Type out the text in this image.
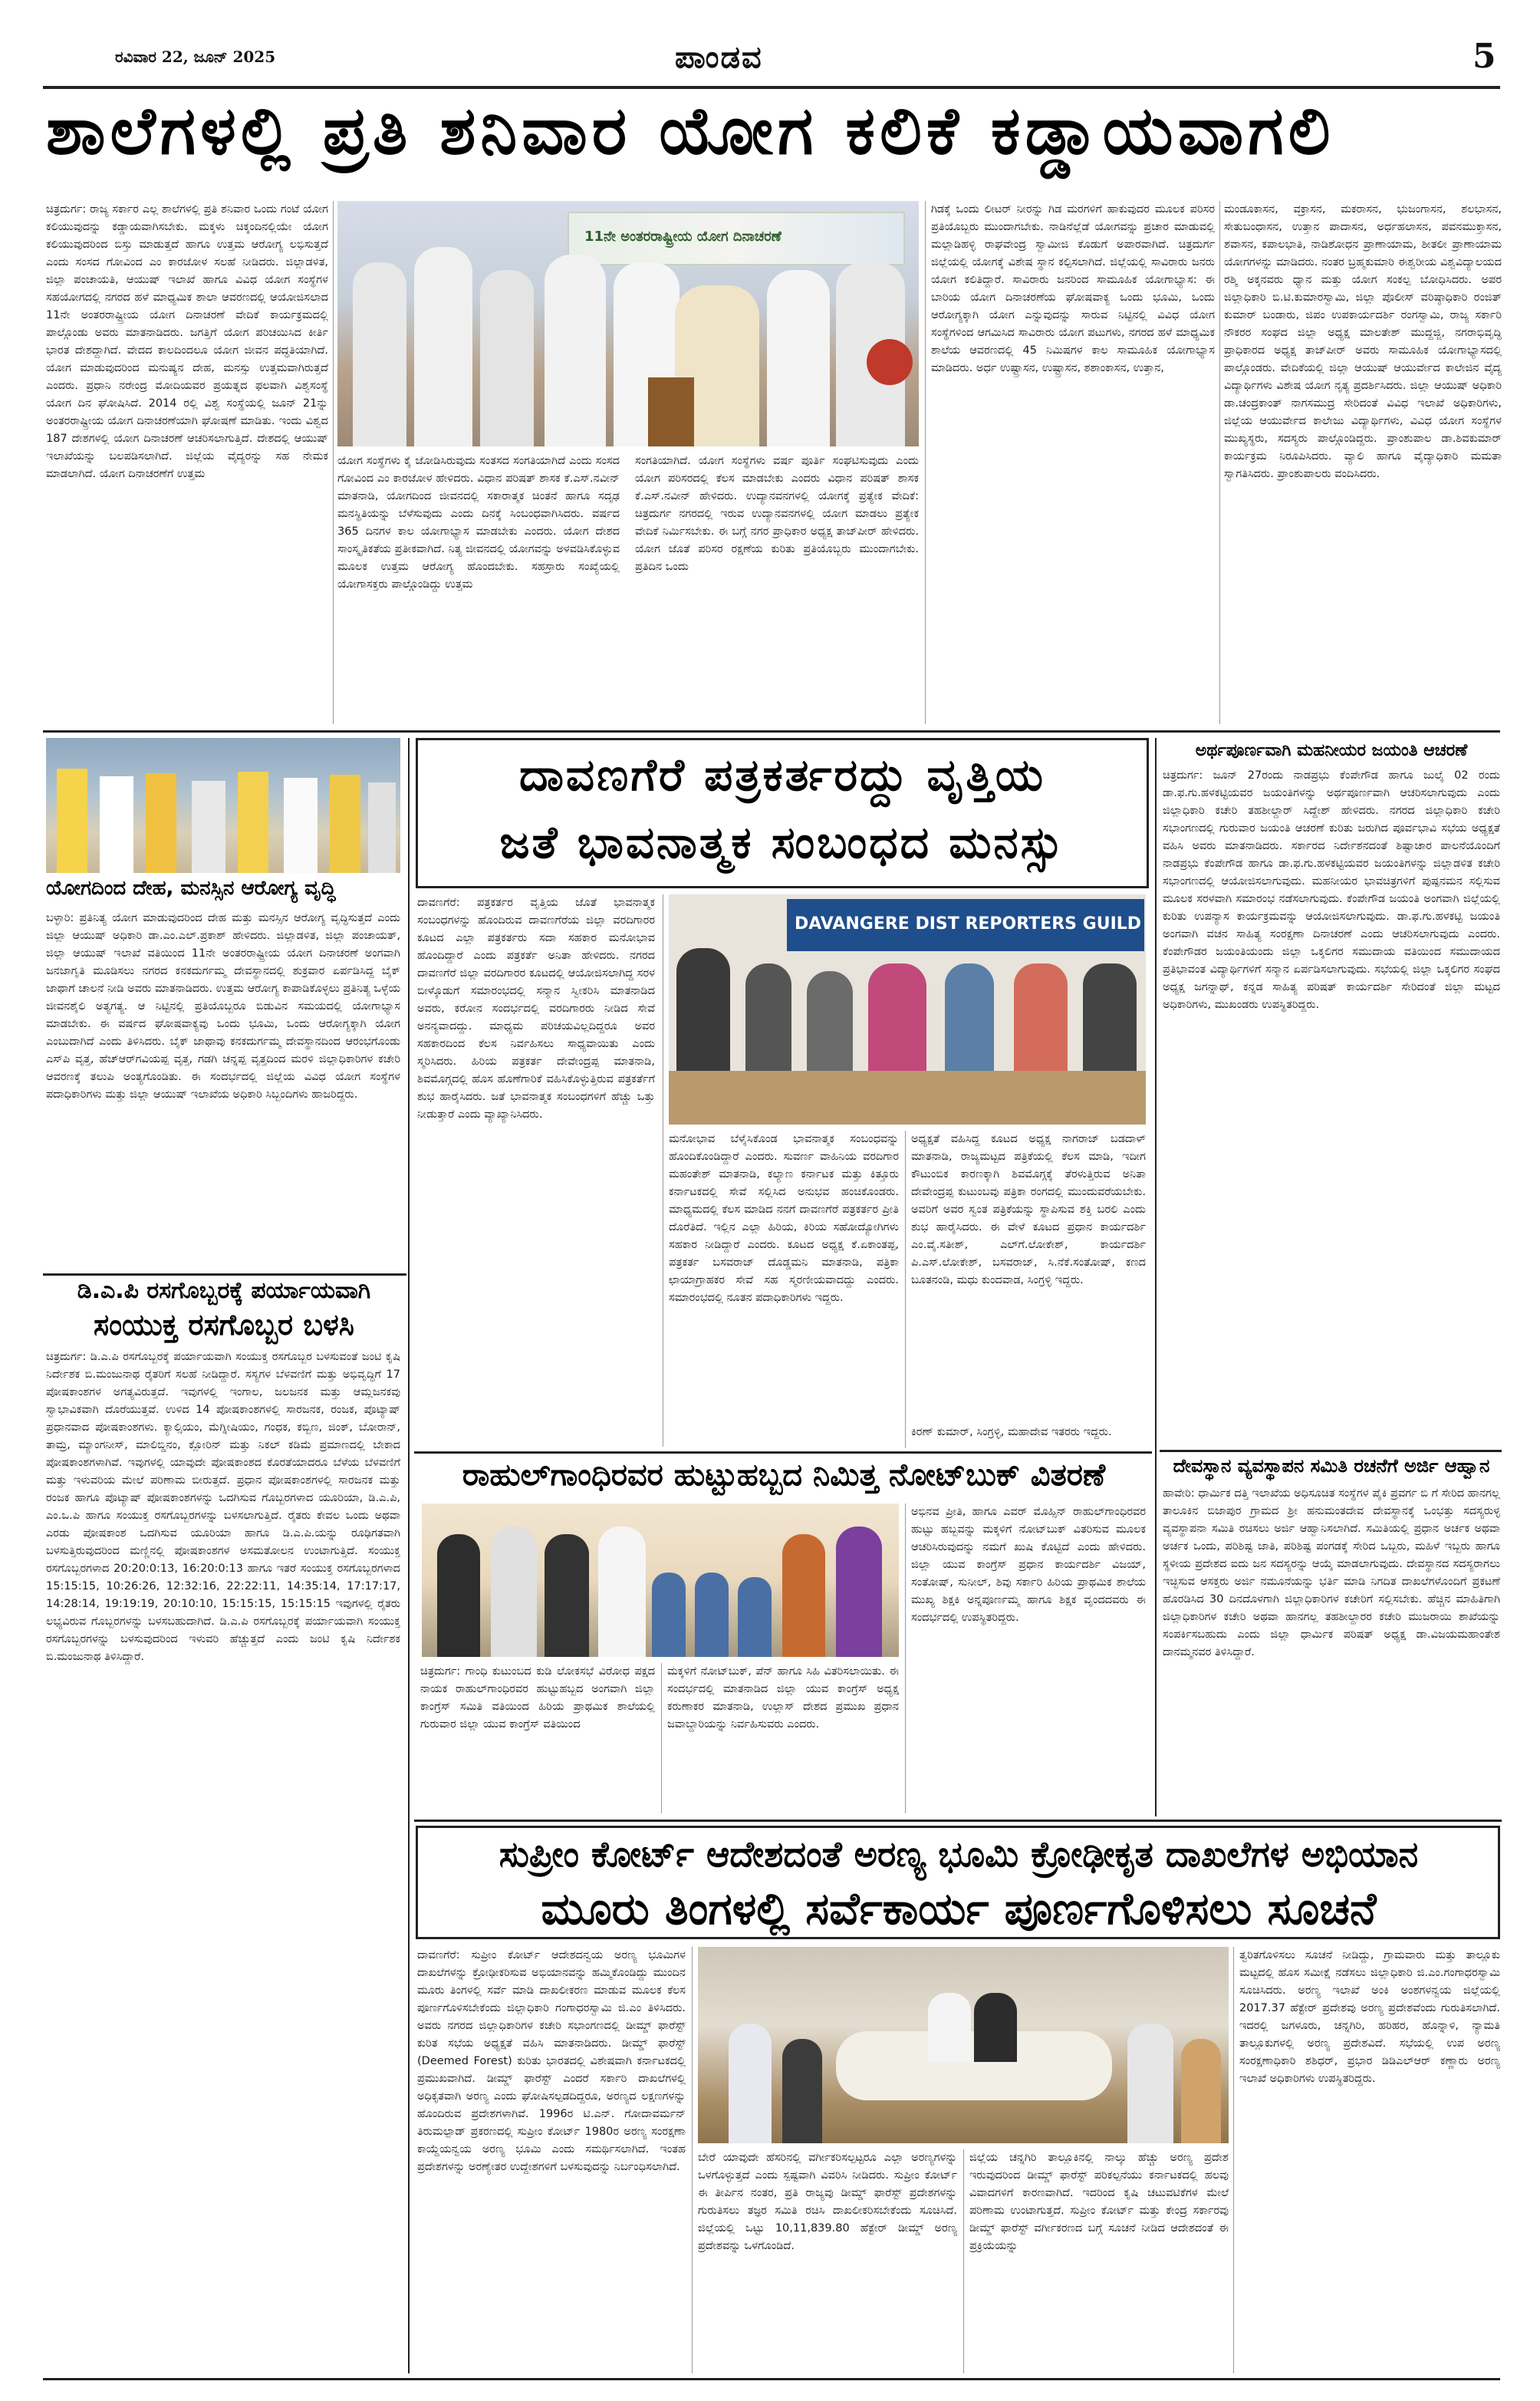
ರವಿವಾರ 22, ಜೂನ್ 2025	ಪಾಂಡವ	5
ಶಾಲೆಗಳಲ್ಲಿ ಪ್ರತಿ ಶನಿವಾರ ಯೋಗ ಕಲಿಕೆ ಕಡ್ಡಾಯವಾಗಲಿ
ಚಿತ್ರದುರ್ಗ: ರಾಜ್ಯ ಸರ್ಕಾರ ಎಲ್ಲ ಶಾಲೆಗಳಲ್ಲಿ ಪ್ರತಿ ಶನಿವಾರ ಒಂದು ಗಂಟೆ ಯೋಗ ಕಲಿಯುವುದನ್ನು ಕಡ್ಡಾಯವಾಗಿಸಬೇಕು. ಮಕ್ಕಳು ಚಿಕ್ಕಂದಿನಲ್ಲಿಯೇ ಯೋಗ ಕಲಿಯುವುದರಿಂದ ಬಿಸ್ತು ಮಾಡುತ್ತದೆ ಹಾಗೂ ಉತ್ತಮ ಆರೋಗ್ಯ ಲಭಿಸುತ್ತದೆ ಎಂದು ಸಂಸದ ಗೋವಿಂದ ಎಂ ಕಾರಜೋಳ ಸಲಹೆ ನೀಡಿದರು. ಜಿಲ್ಲಾಡಳಿತ, ಜಿಲ್ಲಾ ಪಂಚಾಯತಿ, ಆಯುಷ್ ಇಲಾಖೆ ಹಾಗೂ ವಿವಿಧ ಯೋಗ ಸಂಸ್ಥೆಗಳ ಸಹಯೋಗದಲ್ಲಿ ನಗರದ ಹಳೆ ಮಾಧ್ಯಮಿಕ ಶಾಲಾ ಆವರಣದಲ್ಲಿ ಆಯೋಜಿಸಲಾದ 11ನೇ ಅಂತರರಾಷ್ಟ್ರೀಯ ಯೋಗ ದಿನಾಚರಣೆ ವೇದಿಕೆ ಕಾರ್ಯಕ್ರಮದಲ್ಲಿ ಪಾಲ್ಗೊಂಡು ಅವರು ಮಾತನಾಡಿದರು. ಜಗತ್ತಿಗೆ ಯೋಗ ಪರಿಚಯಿಸಿದ ಕೀರ್ತಿ ಭಾರತ ದೇಶದ್ದಾಗಿದೆ. ವೇದದ ಕಾಲದಿಂದಲೂ ಯೋಗ ಜೀವನ ಪದ್ಧತಿಯಾಗಿದೆ. ಯೋಗ ಮಾಡುವುದರಿಂದ ಮನುಷ್ಯನ ದೇಹ, ಮನಸ್ಸು ಉತ್ತಮವಾಗಿರುತ್ತದೆ ಎಂದರು. ಪ್ರಧಾನಿ ನರೇಂದ್ರ ಮೋದಿಯವರ ಪ್ರಯತ್ನದ ಫಲವಾಗಿ ವಿಶ್ವಸಂಸ್ಥೆ ಯೋಗ ದಿನ ಘೋಷಿಸಿದೆ. 2014 ರಲ್ಲಿ ವಿಶ್ವ ಸಂಸ್ಥೆಯಲ್ಲಿ ಜೂನ್ 21ನ್ನು ಅಂತರರಾಷ್ಟ್ರೀಯ ಯೋಗ ದಿನಾಚರಣೆಯಾಗಿ ಘೋಷಣೆ ಮಾಡಿತು. ಇಂದು ವಿಶ್ವದ 187 ದೇಶಗಳಲ್ಲಿ ಯೋಗ ದಿನಾಚರಣೆ ಆಚರಿಸಲಾಗುತ್ತಿದೆ. ದೇಶದಲ್ಲಿ ಆಯುಷ್ ಇಲಾಖೆಯನ್ನು ಬಲಪಡಿಸಲಾಗಿದೆ. ಜಿಲ್ಲೆಯ ವೈದ್ಯರನ್ನು ಸಹ ನೇಮಕ ಮಾಡಲಾಗಿದೆ. ಯೋಗ ದಿನಾಚರಣೆಗೆ ಉತ್ತಮ
11ನೇ ಅಂತರರಾಷ್ಟ್ರೀಯ ಯೋಗ ದಿನಾಚರಣೆ
ಯೋಗ ಸಂಸ್ಥೆಗಳು ಕೈ ಜೋಡಿಸಿರುವುದು ಸಂತಸದ ಸಂಗತಿಯಾಗಿದೆ ಎಂದು ಸಂಸದ ಗೋವಿಂದ ಎಂ ಕಾರಜೋಳ ಹೇಳಿದರು. ವಿಧಾನ ಪರಿಷತ್ ಶಾಸಕ ಕೆ.ಎಸ್.ನವೀನ್ ಮಾತನಾಡಿ, ಯೋಗದಿಂದ ಜೀವನದಲ್ಲಿ ಸಕಾರಾತ್ಮಕ ಚಿಂತನೆ ಹಾಗೂ ಸದೃಢ ಮನಸ್ಥಿತಿಯನ್ನು ಬೆಳೆಸುವುದು ಎಂದು ದಿನಕ್ಕೆ ಸಿಂಬಂಧವಾಗಿಸಿದರು. ವರ್ಷದ 365 ದಿನಗಳ ಕಾಲ ಯೋಗಾಭ್ಯಾಸ ಮಾಡಬೇಕು ಎಂದರು. ಯೋಗ ದೇಶದ ಸಾಂಸ್ಕೃತಿಕತೆಯ ಪ್ರತೀಕವಾಗಿದೆ. ನಿತ್ಯ ಜೀವನದಲ್ಲಿ ಯೋಗವನ್ನು ಅಳವಡಿಸಿಕೊಳ್ಳುವ ಮೂಲಕ ಉತ್ತಮ ಆರೋಗ್ಯ ಹೊಂದಬೇಕು. ಸಹಸ್ರಾರು ಸಂಖ್ಯೆಯಲ್ಲಿ ಯೋಗಾಸಕ್ತರು ಪಾಲ್ಗೊಂಡಿದ್ದು ಉತ್ತಮ
ಸಂಗತಿಯಾಗಿದೆ. ಯೋಗ ಸಂಸ್ಥೆಗಳು ವರ್ಷ ಪೂರ್ತಿ ಸಂಘಟಿಸುವುದು ಎಂದು ಯೋಗ ಪರಿಸರದಲ್ಲಿ ಕೆಲಸ ಮಾಡಬೇಕು ಎಂದರು ವಿಧಾನ ಪರಿಷತ್ ಶಾಸಕ ಕೆ.ಎಸ್.ನವೀನ್ ಹೇಳಿದರು. ಉದ್ಯಾನವನಗಳಲ್ಲಿ ಯೋಗಕ್ಕೆ ಪ್ರತ್ಯೇಕ ವೇದಿಕೆ: ಚಿತ್ರದುರ್ಗ ನಗರದಲ್ಲಿ ಇರುವ ಉದ್ಯಾನವನಗಳಲ್ಲಿ ಯೋಗ ಮಾಡಲು ಪ್ರತ್ಯೇಕ ವೇದಿಕೆ ನಿರ್ಮಿಸಬೇಕು. ಈ ಬಗ್ಗೆ ನಗರ ಪ್ರಾಧಿಕಾರ ಅಧ್ಯಕ್ಷ ತಾಜ್‌ಪೀರ್ ಹೇಳಿದರು. ಯೋಗ ಜೊತೆ ಪರಿಸರ ರಕ್ಷಣೆಯ ಕುರಿತು ಪ್ರತಿಯೊಬ್ಬರು ಮುಂದಾಗಬೇಕು. ಪ್ರತಿದಿನ ಒಂದು
ಗಿಡಕ್ಕೆ ಒಂದು ಲೀಟರ್ ನೀರನ್ನು ಗಿಡ ಮರಗಳಿಗೆ ಹಾಕುವುದರ ಮೂಲಕ ಪರಿಸರ ಪ್ರತಿಯೊಬ್ಬರು ಮುಂದಾಗಬೇಕು. ನಾಡಿನೆಲ್ಲೆಡೆ ಯೋಗವನ್ನು ಪ್ರಚಾರ ಮಾಡುವಲ್ಲಿ ಮಲ್ಲಾಡಿಹಳ್ಳಿ ರಾಘವೇಂದ್ರ ಸ್ವಾಮೀಜಿ ಕೊಡುಗೆ ಅಪಾರವಾಗಿದೆ. ಚಿತ್ರದುರ್ಗ ಜಿಲ್ಲೆಯಲ್ಲಿ ಯೋಗಕ್ಕೆ ವಿಶೇಷ ಸ್ಥಾನ ಕಲ್ಪಿಸಲಾಗಿದೆ. ಜಿಲ್ಲೆಯಲ್ಲಿ ಸಾವಿರಾರು ಜನರು ಯೋಗ ಕಲಿತಿದ್ದಾರೆ. ಸಾವಿರಾರು ಜನರಿಂದ ಸಾಮೂಹಿಕ ಯೋಗಾಭ್ಯಾಸ: ಈ ಬಾರಿಯ ಯೋಗ ದಿನಾಚರಣೆಯ ಘೋಷವಾಕ್ಯ ಒಂದು ಭೂಮಿ, ಒಂದು ಆರೋಗ್ಯಕ್ಕಾಗಿ ಯೋಗ ಎನ್ನುವುದನ್ನು ಸಾರುವ ನಿಟ್ಟಿನಲ್ಲಿ ವಿವಿಧ ಯೋಗ ಸಂಸ್ಥೆಗಳಿಂದ ಆಗಮಿಸಿದ ಸಾವಿರಾರು ಯೋಗ ಪಟುಗಳು, ನಗರದ ಹಳೆ ಮಾಧ್ಯಮಿಕ ಶಾಲೆಯ ಆವರಣದಲ್ಲಿ 45 ನಿಮಿಷಗಳ ಕಾಲ ಸಾಮೂಹಿಕ ಯೋಗಾಭ್ಯಾಸ ಮಾಡಿದರು. ಅರ್ಧ ಉಷ್ಟ್ರಾಸನ, ಉಷ್ಟ್ರಾಸನ, ಶಶಾಂಕಾಸನ, ಉತ್ತಾನ,
ಮಂಡೂಕಾಸನ, ವಕ್ರಾಸನ, ಮಕರಾಸನ, ಭುಜಂಗಾಸನ, ಶಲಭಾಸನ, ಸೇತುಬಂಧಾಸನ, ಉತ್ತಾನ ಪಾದಾಸನ, ಅರ್ಧಹಲಾಸನ, ಪವನಮುಕ್ತಾಸನ, ಶವಾಸನ, ಕಪಾಲಭಾತಿ, ನಾಡಿಶೋಧನ ಪ್ರಾಣಾಯಾಮ, ಶೀತಲೀ ಪ್ರಾಣಾಯಾಮ ಯೋಗಗಳನ್ನು ಮಾಡಿದರು. ನಂತರ ಬ್ರಹ್ಮಕುಮಾರಿ ಈಶ್ವರೀಯ ವಿಶ್ವವಿದ್ಯಾಲಯದ ರಶ್ಮಿ ಅಕ್ಕನವರು ಧ್ಯಾನ ಮತ್ತು ಯೋಗ ಸಂಕಲ್ಪ ಬೋಧಿಸಿದರು. ಅಪರ ಜಿಲ್ಲಾಧಿಕಾರಿ ಬಿ.ಟಿ.ಕುಮಾರಸ್ವಾಮಿ, ಜಿಲ್ಲಾ ಪೊಲೀಸ್ ವರಿಷ್ಠಾಧಿಕಾರಿ ರಂಜಿತ್ ಕುಮಾರ್ ಬಂಡಾರು, ಜಿಪಂ ಉಪಕಾರ್ಯದರ್ಶಿ ರಂಗಸ್ವಾಮಿ, ರಾಜ್ಯ ಸರ್ಕಾರಿ ನೌಕರರ ಸಂಘದ ಜಿಲ್ಲಾ ಅಧ್ಯಕ್ಷ ಮಾಲತೇಶ್ ಮುದ್ದಜ್ಜಿ, ನಗರಾಭಿವೃದ್ಧಿ ಪ್ರಾಧಿಕಾರದ ಅಧ್ಯಕ್ಷ ತಾಜ್‌ಪೀರ್ ಅವರು ಸಾಮೂಹಿಕ ಯೋಗಾಭ್ಯಾಸದಲ್ಲಿ ಪಾಲ್ಗೊಂಡರು. ವೇದಿಕೆಯಲ್ಲಿ ಜಿಲ್ಲಾ ಆಯುಷ್ ಆಯುರ್ವೇದ ಕಾಲೇಜಿನ ವೈದ್ಯ ವಿದ್ಯಾರ್ಥಿಗಳು ವಿಶೇಷ ಯೋಗ ನೃತ್ಯ ಪ್ರದರ್ಶಿಸಿದರು. ಜಿಲ್ಲಾ ಆಯುಷ್ ಅಧಿಕಾರಿ ಡಾ.ಚಂದ್ರಕಾಂತ್ ನಾಗಸಮುದ್ರ ಸೇರಿದಂತೆ ವಿವಿಧ ಇಲಾಖೆ ಅಧಿಕಾರಿಗಳು, ಜಿಲ್ಲೆಯ ಆಯುರ್ವೇದ ಕಾಲೇಜು ವಿದ್ಯಾರ್ಥಿಗಳು, ವಿವಿಧ ಯೋಗ ಸಂಸ್ಥೆಗಳ ಮುಖ್ಯಸ್ಥರು, ಸದಸ್ಯರು ಪಾಲ್ಗೊಂಡಿದ್ದರು. ಪ್ರಾಂಶುಪಾಲ ಡಾ.ಶಿವಕುಮಾರ್ ಕಾರ್ಯಕ್ರಮ ನಿರೂಪಿಸಿದರು. ವ್ಯಾಲಿ ಹಾಗೂ ವೈದ್ಯಾಧಿಕಾರಿ ಮಮತಾ ಸ್ವಾಗತಿಸಿದರು. ಪ್ರಾಂಶುಪಾಲರು ವಂದಿಸಿದರು.
ಯೋಗದಿಂದ ದೇಹ, ಮನಸ್ಸಿನ ಆರೋಗ್ಯ ವೃದ್ಧಿ
ಬಳ್ಳಾರಿ: ಪ್ರತಿನಿತ್ಯ ಯೋಗ ಮಾಡುವುದರಿಂದ ದೇಹ ಮತ್ತು ಮನಸ್ಸಿನ ಆರೋಗ್ಯ ವೃದ್ಧಿಸುತ್ತದೆ ಎಂದು ಜಿಲ್ಲಾ ಆಯುಷ್ ಅಧಿಕಾರಿ ಡಾ.ಎಂ.ಎಲ್.ಪ್ರಕಾಶ್ ಹೇಳಿದರು. ಜಿಲ್ಲಾಡಳಿತ, ಜಿಲ್ಲಾ ಪಂಚಾಯತ್, ಜಿಲ್ಲಾ ಆಯುಷ್ ಇಲಾಖೆ ವತಿಯಿಂದ 11ನೇ ಅಂತರರಾಷ್ಟ್ರೀಯ ಯೋಗ ದಿನಾಚರಣೆ ಅಂಗವಾಗಿ ಜನಜಾಗೃತಿ ಮೂಡಿಸಲು ನಗರದ ಕನಕದುರ್ಗಮ್ಮ ದೇವಸ್ಥಾನದಲ್ಲಿ ಶುಕ್ರವಾರ ಏರ್ಪಡಿಸಿದ್ದ ಬೈಕ್ ಜಾಥಾಗೆ ಚಾಲನೆ ನೀಡಿ ಅವರು ಮಾತನಾಡಿದರು. ಉತ್ತಮ ಆರೋಗ್ಯ ಕಾಪಾಡಿಕೊಳ್ಳಲು ಪ್ರತಿನಿತ್ಯ ಒಳ್ಳೆಯ ಜೀವನಶೈಲಿ ಅತ್ಯಗತ್ಯ. ಆ ನಿಟ್ಟಿನಲ್ಲಿ ಪ್ರತಿಯೊಬ್ಬರೂ ಬಿಡುವಿನ ಸಮಯದಲ್ಲಿ ಯೋಗಾಭ್ಯಾಸ ಮಾಡಬೇಕು. ಈ ವರ್ಷದ ಘೋಷವಾಕ್ಯವು ಒಂದು ಭೂಮಿ, ಒಂದು ಆರೋಗ್ಯಕ್ಕಾಗಿ ಯೋಗ ಎಂಬುದಾಗಿದೆ ಎಂದು ತಿಳಿಸಿದರು. ಬೈಕ್ ಜಾಥಾವು ಕನಕದುರ್ಗಮ್ಮ ದೇವಸ್ಥಾನದಿಂದ ಆರಂಭಗೊಂಡು ಎಸ್‌ಪಿ ವೃತ್ತ, ಹೆಚ್‌ಆರ್‌ಗವಿಯಪ್ಪ ವೃತ್ತ, ಗಡಗಿ ಚನ್ನಪ್ಪ ವೃತ್ತದಿಂದ ಮರಳಿ ಜಿಲ್ಲಾಧಿಕಾರಿಗಳ ಕಚೇರಿ ಆವರಣಕ್ಕೆ ತಲುಪಿ ಅಂತ್ಯಗೊಂಡಿತು. ಈ ಸಂದರ್ಭದಲ್ಲಿ ಜಿಲ್ಲೆಯ ವಿವಿಧ ಯೋಗ ಸಂಸ್ಥೆಗಳ ಪದಾಧಿಕಾರಿಗಳು ಮತ್ತು ಜಿಲ್ಲಾ ಆಯುಷ್ ಇಲಾಖೆಯ ಅಧಿಕಾರಿ ಸಿಬ್ಬಂದಿಗಳು ಹಾಜರಿದ್ದರು.
ಡಿ.ಎ.ಪಿ ರಸಗೊಬ್ಬರಕ್ಕೆ ಪರ್ಯಾಯವಾಗಿ
ಸಂಯುಕ್ತ ರಸಗೊಬ್ಬರ ಬಳಸಿ
ಚಿತ್ರದುರ್ಗ: ಡಿ.ಎ.ಪಿ ರಸಗೊಬ್ಬರಕ್ಕೆ ಪರ್ಯಾಯವಾಗಿ ಸಂಯುಕ್ತ ರಸಗೊಬ್ಬರ ಬಳಸುವಂತೆ ಜಂಟಿ ಕೃಷಿ ನಿರ್ದೇಶಕ ಬಿ.ಮಂಜುನಾಥ ರೈತರಿಗೆ ಸಲಹೆ ನೀಡಿದ್ದಾರೆ. ಸಸ್ಯಗಳ ಬೆಳವಣಿಗೆ ಮತ್ತು ಅಭಿವೃದ್ಧಿಗೆ 17 ಪೋಷಕಾಂಶಗಳ ಅಗತ್ಯವಿರುತ್ತದೆ. ಇವುಗಳಲ್ಲಿ ಇಂಗಾಲ, ಜಲಜನಕ ಮತ್ತು ಆಮ್ಲಜನಕವು ಸ್ವಾಭಾವಿಕವಾಗಿ ದೊರೆಯುತ್ತವೆ. ಉಳಿದ 14 ಪೋಷಕಾಂಶಗಳಲ್ಲಿ ಸಾರಜನಕ, ರಂಜಕ, ಪೊಟ್ಯಾಷ್ ಪ್ರಧಾನವಾದ ಪೋಷಕಾಂಶಗಳು. ಕ್ಯಾಲ್ಸಿಯಂ, ಮೆಗ್ನೀಷಿಯಂ, ಗಂಧಕ, ಕಬ್ಬಿಣ, ಜಿಂಕ್, ಬೋರಾನ್, ತಾಮ್ರ, ಮ್ಯಾಂಗನೀಸ್, ಮಾಲಿಬ್ಡಿನಂ, ಕ್ಲೋರಿನ್ ಮತ್ತು ನಿಕಲ್ ಕಡಿಮೆ ಪ್ರಮಾಣದಲ್ಲಿ ಬೇಕಾದ ಪೋಷಕಾಂಶಗಳಾಗಿವೆ. ಇವುಗಳಲ್ಲಿ ಯಾವುದೇ ಪೋಷಕಾಂಶದ ಕೊರತೆಯಾದರೂ ಬೆಳೆಯ ಬೆಳವಣಿಗೆ ಮತ್ತು ಇಳುವರಿಯ ಮೇಲೆ ಪರಿಣಾಮ ಬೀರುತ್ತದೆ. ಪ್ರಧಾನ ಪೋಷಕಾಂಶಗಳಲ್ಲಿ ಸಾರಜನಕ ಮತ್ತು ರಂಜಕ ಹಾಗೂ ಪೊಟ್ಯಾಷ್ ಪೋಷಕಾಂಶಗಳನ್ನು ಒದಗಿಸುವ ಗೊಬ್ಬರಗಳಾದ ಯೂರಿಯಾ, ಡಿ.ಎ.ಪಿ, ಎಂ.ಒ.ಪಿ ಹಾಗೂ ಸಂಯುಕ್ತ ರಸಗೊಬ್ಬರಗಳನ್ನು ಬಳಸಲಾಗುತ್ತಿದೆ. ರೈತರು ಕೇವಲ ಒಂದು ಅಥವಾ ಎರಡು ಪೋಷಕಾಂಶ ಒದಗಿಸುವ ಯೂರಿಯಾ ಹಾಗೂ ಡಿ.ಎ.ಪಿ.ಯನ್ನು ರೂಢಿಗತವಾಗಿ ಬಳಸುತ್ತಿರುವುದರಿಂದ ಮಣ್ಣಿನಲ್ಲಿ ಪೋಷಕಾಂಶಗಳ ಅಸಮತೋಲನ ಉಂಟಾಗುತ್ತಿದೆ. ಸಂಯುಕ್ತ ರಸಗೊಬ್ಬರಗಳಾದ 20:20:0:13, 16:20:0:13 ಹಾಗೂ ಇತರೆ ಸಂಯುಕ್ತ ರಸಗೊಬ್ಬರಗಳಾದ 15:15:15, 10:26:26, 12:32:16, 22:22:11, 14:35:14, 17:17:17, 14:28:14, 19:19:19, 20:10:10, 15:15:15, 15:15:15 ಇವುಗಳಲ್ಲಿ ರೈತರು ಲಭ್ಯವಿರುವ ಗೊಬ್ಬರಗಳನ್ನು ಬಳಸಬಹುದಾಗಿದೆ. ಡಿ.ಎ.ಪಿ ರಸಗೊಬ್ಬರಕ್ಕೆ ಪರ್ಯಾಯವಾಗಿ ಸಂಯುಕ್ತ ರಸಗೊಬ್ಬರಗಳನ್ನು ಬಳಸುವುದರಿಂದ ಇಳುವರಿ ಹೆಚ್ಚುತ್ತದೆ ಎಂದು ಜಂಟಿ ಕೃಷಿ ನಿರ್ದೇಶಕ ಬಿ.ಮಂಜುನಾಥ ತಿಳಿಸಿದ್ದಾರೆ.
ದಾವಣಗೆರೆ ಪತ್ರಕರ್ತರದ್ದು ವೃತ್ತಿಯ
ಜತೆ ಭಾವನಾತ್ಮಕ ಸಂಬಂಧದ ಮನಸ್ಸು
ದಾವಣಗೆರೆ: ಪತ್ರಕರ್ತರ ವೃತ್ತಿಯ ಜೊತೆ ಭಾವನಾತ್ಮಕ ಸಂಬಂಧಗಳನ್ನು ಹೊಂದಿರುವ ದಾವಣಗೆರೆಯ ಜಿಲ್ಲಾ ವರದಿಗಾರರ ಕೂಟದ ಎಲ್ಲಾ ಪತ್ರಕರ್ತರು ಸದಾ ಸಹಕಾರ ಮನೋಭಾವ ಹೊಂದಿದ್ದಾರೆ ಎಂದು ಪತ್ರಕರ್ತೆ ಅನಿತಾ ಹೇಳಿದರು. ನಗರದ ದಾವಣಗೆರೆ ಜಿಲ್ಲಾ ವರದಿಗಾರರ ಕೂಟದಲ್ಲಿ ಆಯೋಜಿಸಲಾಗಿದ್ದ ಸರಳ ಬೀಳ್ಕೊಡುಗೆ ಸಮಾರಂಭದಲ್ಲಿ ಸನ್ಮಾನ ಸ್ವೀಕರಿಸಿ ಮಾತನಾಡಿದ ಅವರು, ಕರೋನ ಸಂದರ್ಭದಲ್ಲಿ ವರದಿಗಾರರು ನೀಡಿದ ಸೇವೆ ಅನನ್ಯವಾದದ್ದು. ಮಾಧ್ಯಮ ಪರಿಚಯವಿಲ್ಲದಿದ್ದರೂ ಅವರ ಸಹಕಾರದಿಂದ ಕೆಲಸ ನಿರ್ವಹಿಸಲು ಸಾಧ್ಯವಾಯಿತು ಎಂದು ಸ್ಮರಿಸಿದರು. ಹಿರಿಯ ಪತ್ರಕರ್ತ ದೇವೇಂದ್ರಪ್ಪ ಮಾತನಾಡಿ, ಶಿವಮೊಗ್ಗದಲ್ಲಿ ಹೊಸ ಹೊಣೆಗಾರಿಕೆ ವಹಿಸಿಕೊಳ್ಳುತ್ತಿರುವ ಪತ್ರಕರ್ತೆಗೆ ಶುಭ ಹಾರೈಸಿದರು. ಜತೆ ಭಾವನಾತ್ಮಕ ಸಂಬಂಧಗಳಿಗೆ ಹೆಚ್ಚು ಒತ್ತು ನೀಡುತ್ತಾರೆ ಎಂದು ವ್ಯಾಖ್ಯಾನಿಸಿದರು.
DAVANGERE DIST REPORTERS GUILD
ಮನೋಭಾವ ಬೆಳೈಸಿಕೊಂಡ ಭಾವನಾತ್ಮಕ ಸಂಬಂಧವನ್ನು ಹೊಂದಿಕೊಂಡಿದ್ದಾರೆ ಎಂದರು. ಸುವರ್ಣ ವಾಹಿನಿಯ ವರದಿಗಾರ ಮಹಂತೇಶ್ ಮಾತನಾಡಿ, ಕಲ್ಯಾಣ ಕರ್ನಾಟಕ ಮತ್ತು ಕಿತ್ತೂರು ಕರ್ನಾಟಕದಲ್ಲಿ ಸೇವೆ ಸಲ್ಲಿಸಿದ ಅನುಭವ ಹಂಚಿಕೊಂಡರು. ಮಾಧ್ಯಮದಲ್ಲಿ ಕೆಲಸ ಮಾಡಿದ ನನಗೆ ದಾವಣಗೆರೆ ಪತ್ರಕರ್ತರ ಪ್ರೀತಿ ದೊರೆತಿದೆ. ಇಲ್ಲಿನ ಎಲ್ಲಾ ಹಿರಿಯ, ಕಿರಿಯ ಸಹೋದ್ಯೋಗಿಗಳು ಸಹಕಾರ ನೀಡಿದ್ದಾರೆ ಎಂದರು. ಕೂಟದ ಅಧ್ಯಕ್ಷ ಕೆ.ಏಕಾಂತಪ್ಪ, ಪತ್ರಕರ್ತ ಬಸವರಾಜ್ ದೊಡ್ಡಮನಿ ಮಾತನಾಡಿ, ಪತ್ರಿಕಾ ಛಾಯಾಗ್ರಾಹಕರ ಸೇವೆ ಸಹ ಸ್ಮರಣೀಯವಾದದ್ದು ಎಂದರು. ಸಮಾರಂಭದಲ್ಲಿ ನೂತನ ಪದಾಧಿಕಾರಿಗಳು ಇದ್ದರು.
ಅಧ್ಯಕ್ಷತೆ ವಹಿಸಿದ್ದ ಕೂಟದ ಅಧ್ಯಕ್ಷ ನಾಗರಾಜ್ ಬಡದಾಳ್ ಮಾತನಾಡಿ, ರಾಜ್ಯಮಟ್ಟದ ಪತ್ರಿಕೆಯಲ್ಲಿ ಕೆಲಸ ಮಾಡಿ, ಇದೀಗ ಕೌಟುಂಬಿಕ ಕಾರಣಕ್ಕಾಗಿ ಶಿವಮೊಗ್ಗಕ್ಕೆ ತೆರಳುತ್ತಿರುವ ಅನಿತಾ ದೇವೇಂದ್ರಪ್ಪ ಕುಟುಂಬವು ಪತ್ರಿಕಾ ರಂಗದಲ್ಲಿ ಮುಂದುವರೆಯಬೇಕು. ಅವರಿಗೆ ಅವರ ಸ್ವಂತ ಪತ್ರಿಕೆಯನ್ನು ಸ್ಥಾಪಿಸುವ ಶಕ್ತಿ ಬರಲಿ ಎಂದು ಶುಭ ಹಾರೈಸಿದರು. ಈ ವೇಳೆ ಕೂಟದ ಪ್ರಧಾನ ಕಾರ್ಯದರ್ಶಿ ಎಂ.ವೈ.ಸತೀಶ್, ಎಲ್‌ಗೆ.ಲೋಕೇಶ್, ಕಾರ್ಯದರ್ಶಿ ಪಿ.ಎಸ್.ಲೋಕೇಶ್, ಬಸವರಾಜ್, ಸಿ.ನೆಕೆ.ಸಂತೋಷ್, ಕಣದ ಬೂತನಂಡಿ, ಮಧು ಕುಂದವಾಡ, ಸಿಂಗ್ರಳ್ಳಿ ಇದ್ದರು.
ಕಿರಣ್ ಕುಮಾರ್, ಸಿಂಗ್ರಳ್ಳಿ, ಮಹಾದೇವ ಇತರರು ಇದ್ದರು.
ರಾಹುಲ್‌ಗಾಂಧಿರವರ ಹುಟ್ಟುಹಬ್ಬದ ನಿಮಿತ್ತ ನೋಟ್‌ಬುಕ್ ವಿತರಣೆ
ಚಿತ್ರದುರ್ಗ: ಗಾಂಧಿ ಕುಟುಂಬದ ಕುಡಿ ಲೋಕಸಭೆ ವಿರೋಧ ಪಕ್ಷದ ನಾಯಕ ರಾಹುಲ್‌ಗಾಂಧಿರವರ ಹುಟ್ಟುಹಬ್ಬದ ಅಂಗವಾಗಿ ಜಿಲ್ಲಾ ಕಾಂಗ್ರೆಸ್ ಸಮಿತಿ ವತಿಯಿಂದ ಹಿರಿಯ ಪ್ರಾಥಮಿಕ ಶಾಲೆಯಲ್ಲಿ ಗುರುವಾರ ಜಿಲ್ಲಾ ಯುವ ಕಾಂಗ್ರೆಸ್ ವತಿಯಿಂದ
ಮಕ್ಕಳಿಗೆ ನೋಟ್‌ಬುಕ್, ಪೆನ್ ಹಾಗೂ ಸಿಹಿ ವಿತರಿಸಲಾಯಿತು. ಈ ಸಂದರ್ಭದಲ್ಲಿ ಮಾತನಾಡಿದ ಜಿಲ್ಲಾ ಯುವ ಕಾಂಗ್ರೆಸ್ ಅಧ್ಯಕ್ಷ ಕರುಣಾಕರ ಮಾತನಾಡಿ, ಉಲ್ಲಾಸ್ ದೇಶದ ಪ್ರಮುಖ ಪ್ರಧಾನ ಜವಾಬ್ದಾರಿಯನ್ನು ನಿರ್ವಹಿಸುವರು ಎಂದರು.
ಅಭಿನವ ಪ್ರೀತಿ, ಹಾಗೂ ಎವರ್ ಮೊಹ್ಸಿನ್ ರಾಹುಲ್‌ಗಾಂಧಿರವರ ಹುಟ್ಟು ಹಬ್ಬವನ್ನು ಮಕ್ಕಳಿಗೆ ನೋಟ್‌ಬುಕ್ ವಿತರಿಸುವ ಮೂಲಕ ಆಚರಿಸಿರುವುದನ್ನು ನಮಗೆ ಖುಷಿ ಕೊಟ್ಟಿದೆ ಎಂದು ಹೇಳಿದರು. ಜಿಲ್ಲಾ ಯುವ ಕಾಂಗ್ರೆಸ್ ಪ್ರಧಾನ ಕಾರ್ಯದರ್ಶಿ ವಿಜಯ್, ಸಂತೋಷ್, ಸುನೀಲ್, ಶಿವು ಸರ್ಕಾರಿ ಹಿರಿಯ ಪ್ರಾಥಮಿಕ ಶಾಲೆಯ ಮುಖ್ಯ ಶಿಕ್ಷಕಿ ಅನ್ನಪೂರ್ಣಮ್ಮ ಹಾಗೂ ಶಿಕ್ಷಕ ವೃಂದದವರು ಈ ಸಂದರ್ಭದಲ್ಲಿ ಉಪಸ್ಥಿತರಿದ್ದರು.
ಅರ್ಥಪೂರ್ಣವಾಗಿ ಮಹನೀಯರ ಜಯಂತಿ ಆಚರಣೆ
ಚಿತ್ರದುರ್ಗ: ಜೂನ್ 27ರಂದು ನಾಡಪ್ರಭು ಕೆಂಪೇಗೌಡ ಹಾಗೂ ಜುಲೈ 02 ರಂದು ಡಾ.ಫ.ಗು.ಹಳಕಟ್ಟಿಯವರ ಜಯಂತಿಗಳನ್ನು ಅರ್ಥಪೂರ್ಣವಾಗಿ ಆಚರಿಸಲಾಗುವುದು ಎಂದು ಜಿಲ್ಲಾಧಿಕಾರಿ ಕಚೇರಿ ತಹಶೀಲ್ದಾರ್ ಸಿದ್ದೇಶ್ ಹೇಳಿದರು. ನಗರದ ಜಿಲ್ಲಾಧಿಕಾರಿ ಕಚೇರಿ ಸಭಾಂಗಣದಲ್ಲಿ ಗುರುವಾರ ಜಯಂತಿ ಆಚರಣೆ ಕುರಿತು ಜರುಗಿದ ಪೂರ್ವಭಾವಿ ಸಭೆಯ ಅಧ್ಯಕ್ಷತೆ ವಹಿಸಿ ಅವರು ಮಾತನಾಡಿದರು. ಸರ್ಕಾರದ ನಿರ್ದೇಶನದಂತೆ ಶಿಷ್ಟಾಚಾರ ಪಾಲನೆಯೊಂದಿಗೆ ನಾಡಪ್ರಭು ಕೆಂಪೇಗೌಡ ಹಾಗೂ ಡಾ.ಫ.ಗು.ಹಳಕಟ್ಟಿಯವರ ಜಯಂತಿಗಳನ್ನು ಜಿಲ್ಲಾಡಳಿತ ಕಚೇರಿ ಸಭಾಂಗಣದಲ್ಲಿ ಆಯೋಜಿಸಲಾಗುವುದು. ಮಹನೀಯರ ಭಾವಚಿತ್ರಗಳಿಗೆ ಪುಷ್ಪನಮನ ಸಲ್ಲಿಸುವ ಮೂಲಕ ಸರಳವಾಗಿ ಸಮಾರಂಭ ನಡೆಸಲಾಗುವುದು. ಕೆಂಪೇಗೌಡ ಜಯಂತಿ ಅಂಗವಾಗಿ ಜಿಲ್ಲೆಯಲ್ಲಿ ಕುರಿತು ಉಪನ್ಯಾಸ ಕಾರ್ಯಕ್ರಮವನ್ನು ಆಯೋಜಿಸಲಾಗುವುದು. ಡಾ.ಫ.ಗು.ಹಳಕಟ್ಟಿ ಜಯಂತಿ ಅಂಗವಾಗಿ ವಚನ ಸಾಹಿತ್ಯ ಸಂರಕ್ಷಣಾ ದಿನಾಚರಣೆ ಎಂದು ಆಚರಿಸಲಾಗುವುದು ಎಂದರು. ಕೆಂಪೇಗೌಡರ ಜಯಂತಿಯಂದು ಜಿಲ್ಲಾ ಒಕ್ಕಲಿಗರ ಸಮುದಾಯ ವತಿಯಿಂದ ಸಮುದಾಯದ ಪ್ರತಿಭಾವಂತ ವಿದ್ಯಾರ್ಥಿಗಳಿಗೆ ಸನ್ಮಾನ ಏರ್ಪಡಿಸಲಾಗುವುದು. ಸಭೆಯಲ್ಲಿ ಜಿಲ್ಲಾ ಒಕ್ಕಲಿಗರ ಸಂಘದ ಅಧ್ಯಕ್ಷ ಜಗನ್ನಾಥ್, ಕನ್ನಡ ಸಾಹಿತ್ಯ ಪರಿಷತ್ ಕಾರ್ಯದರ್ಶಿ ಸೇರಿದಂತೆ ಜಿಲ್ಲಾ ಮಟ್ಟದ ಅಧಿಕಾರಿಗಳು, ಮುಖಂಡರು ಉಪಸ್ಥಿತರಿದ್ದರು.
ದೇವಸ್ಥಾನ ವ್ಯವಸ್ಥಾಪನ ಸಮಿತಿ ರಚನೆಗೆ ಅರ್ಜಿ ಆಹ್ವಾನ
ಹಾವೇರಿ: ಧಾರ್ಮಿಕ ದತ್ತಿ ಇಲಾಖೆಯ ಅಧಿಸೂಚಿತ ಸಂಸ್ಥೆಗಳ ಪೈಕಿ ಪ್ರವರ್ಗ ಬಿ ಗೆ ಸೇರಿದ ಹಾನಗಲ್ಲ ತಾಲೂಕಿನ ಬಿಜಾಪುರ ಗ್ರಾಮದ ಶ್ರೀ ಹನುಮಂತದೇವ ದೇವಸ್ಥಾನಕ್ಕೆ ಒಂಭತ್ತು ಸದಸ್ಯರುಳ್ಳ ವ್ಯವಸ್ಥಾಪನಾ ಸಮಿತಿ ರಚಿಸಲು ಅರ್ಜಿ ಆಹ್ವಾನಿಸಲಾಗಿದೆ. ಸಮಿತಿಯಲ್ಲಿ ಪ್ರಧಾನ ಅರ್ಚಕ ಅಥವಾ ಅರ್ಚಕ ಒಂದು, ಪರಿಶಿಷ್ಟ ಜಾತಿ, ಪರಿಶಿಷ್ಟ ಪಂಗಡಕ್ಕೆ ಸೇರಿದ ಒಬ್ಬರು, ಮಹಿಳೆ ಇಬ್ಬರು ಹಾಗೂ ಸ್ಥಳೀಯ ಪ್ರದೇಶದ ಐದು ಜನ ಸದಸ್ಯರನ್ನು ಆಯ್ಕೆ ಮಾಡಲಾಗುವುದು. ದೇವಸ್ಥಾನದ ಸದಸ್ಯರಾಗಲು ಇಚ್ಛಿಸುವ ಆಸಕ್ತರು ಅರ್ಜಿ ನಮೂನೆಯನ್ನು ಭರ್ತಿ ಮಾಡಿ ನಿಗದಿತ ದಾಖಲೆಗಳೊಂದಿಗೆ ಪ್ರಕಟಣೆ ಹೊರಡಿಸಿದ 30 ದಿನದೊಳಗಾಗಿ ಜಿಲ್ಲಾಧಿಕಾರಿಗಳ ಕಚೇರಿಗೆ ಸಲ್ಲಿಸಬೇಕು. ಹೆಚ್ಚಿನ ಮಾಹಿತಿಗಾಗಿ ಜಿಲ್ಲಾಧಿಕಾರಿಗಳ ಕಚೇರಿ ಅಥವಾ ಹಾನಗಲ್ಲ ತಹಶೀಲ್ದಾರರ ಕಚೇರಿ ಮುಜರಾಯಿ ಶಾಖೆಯನ್ನು ಸಂಪರ್ಕಿಸಬಹುದು ಎಂದು ಜಿಲ್ಲಾ ಧಾರ್ಮಿಕ ಪರಿಷತ್ ಅಧ್ಯಕ್ಷ ಡಾ.ವಿಜಯಮಹಾಂತೇಶ ದಾನಮ್ಮನವರ ತಿಳಿಸಿದ್ದಾರೆ.
ಸುಪ್ರೀಂ ಕೋರ್ಟ್ ಆದೇಶದಂತೆ ಅರಣ್ಯ ಭೂಮಿ ಕ್ರೋಢೀಕೃತ ದಾಖಲೆಗಳ ಅಭಿಯಾನ
ಮೂರು ತಿಂಗಳಲ್ಲಿ ಸರ್ವೆಕಾರ್ಯ ಪೂರ್ಣಗೊಳಿಸಲು ಸೂಚನೆ
ದಾವಣಗೆರೆ: ಸುಪ್ರೀಂ ಕೋರ್ಟ್ ಆದೇಶದನ್ವಯ ಅರಣ್ಯ ಭೂಮಿಗಳ ದಾಖಲೆಗಳನ್ನು ಕ್ರೋಢೀಕರಿಸುವ ಅಭಿಯಾನವನ್ನು ಹಮ್ಮಿಕೊಂಡಿದ್ದು ಮುಂದಿನ ಮೂರು ತಿಂಗಳಲ್ಲಿ ಸರ್ವೆ ಮಾಡಿ ದಾಖಲೀಕರಣ ಮಾಡುವ ಮೂಲಕ ಕೆಲಸ ಪೂರ್ಣಗೊಳಿಸಬೇಕೆಂದು ಜಿಲ್ಲಾಧಿಕಾರಿ ಗಂಗಾಧರಸ್ವಾಮಿ ಜಿ.ಎಂ ತಿಳಿಸಿದರು. ಅವರು ನಗರದ ಜಿಲ್ಲಾಧಿಕಾರಿಗಳ ಕಚೇರಿ ಸಭಾಂಗಣದಲ್ಲಿ ಡೀಮ್ಡ್ ಫಾರೆಸ್ಟ್ ಕುರಿತ ಸಭೆಯ ಅಧ್ಯಕ್ಷತೆ ವಹಿಸಿ ಮಾತನಾಡಿದರು. ಡೀಮ್ಡ್ ಫಾರೆಸ್ಟ್ (Deemed Forest) ಕುರಿತು ಭಾರತದಲ್ಲಿ ವಿಶೇಷವಾಗಿ ಕರ್ನಾಟಕದಲ್ಲಿ ಪ್ರಮುಖವಾಗಿದೆ. ಡೀಮ್ಡ್ ಫಾರೆಸ್ಟ್ ಎಂದರೆ ಸರ್ಕಾರಿ ದಾಖಲೆಗಳಲ್ಲಿ ಅಧಿಕೃತವಾಗಿ ಅರಣ್ಯ ಎಂದು ಘೋಷಿಸಲ್ಪಡದಿದ್ದರೂ, ಅರಣ್ಯದ ಲಕ್ಷಣಗಳನ್ನು ಹೊಂದಿರುವ ಪ್ರದೇಶಗಳಾಗಿವೆ. 1996ರ ಟಿ.ಎನ್. ಗೋದಾವರ್ಮನ್ ತಿರುಮಲ್ಪಾಡ್ ಪ್ರಕರಣದಲ್ಲಿ ಸುಪ್ರೀಂ ಕೋರ್ಟ್ 1980ರ ಅರಣ್ಯ ಸಂರಕ್ಷಣಾ ಕಾಯ್ದೆಯನ್ವಯ ಅರಣ್ಯ ಭೂಮಿ ಎಂದು ಸಮರ್ಥಿಸಲಾಗಿದೆ. ಇಂತಹ ಪ್ರದೇಶಗಳನ್ನು ಅರಣ್ಯೇತರ ಉದ್ದೇಶಗಳಿಗೆ ಬಳಸುವುದನ್ನು ನಿರ್ಬಂಧಿಸಲಾಗಿದೆ.
ಬೇರೆ ಯಾವುದೇ ಹೆಸರಿನಲ್ಲಿ ವರ್ಗೀಕರಿಸಲ್ಪಟ್ಟರೂ ಎಲ್ಲಾ ಅರಣ್ಯಗಳನ್ನು ಒಳಗೊಳ್ಳುತ್ತದೆ ಎಂದು ಸ್ಪಷ್ಟವಾಗಿ ವಿವರಿಸಿ ನೀಡಿದರು. ಸುಪ್ರೀಂ ಕೋರ್ಟ್ ಈ ತೀರ್ಪಿನ ನಂತರ, ಪ್ರತಿ ರಾಜ್ಯವು ಡೀಮ್ಡ್ ಫಾರೆಸ್ಟ್ ಪ್ರದೇಶಗಳನ್ನು ಗುರುತಿಸಲು ತಜ್ಞರ ಸಮಿತಿ ರಚಿಸಿ ದಾಖಲೀಕರಿಸಬೇಕೆಂದು ಸೂಚಿಸಿದೆ. ಜಿಲ್ಲೆಯಲ್ಲಿ ಒಟ್ಟು 10,11,839.80 ಹೆಕ್ಟೇರ್ ಡೀಮ್ಡ್ ಅರಣ್ಯ ಪ್ರದೇಶವನ್ನು ಒಳಗೊಂಡಿದೆ.
ಜಿಲ್ಲೆಯ ಚನ್ನಗಿರಿ ತಾಲ್ಲೂಕಿನಲ್ಲಿ ನಾಲ್ಕು ಹೆಚ್ಚು ಅರಣ್ಯ ಪ್ರದೇಶ ಇರುವುದರಿಂದ ಡೀಮ್ಡ್ ಫಾರೆಸ್ಟ್ ಪರಿಕಲ್ಪನೆಯು ಕರ್ನಾಟಕದಲ್ಲಿ ಹಲವು ವಿವಾದಗಳಿಗೆ ಕಾರಣವಾಗಿದೆ. ಇದರಿಂದ ಕೃಷಿ ಚಟುವಟಿಕೆಗಳ ಮೇಲೆ ಪರಿಣಾಮ ಉಂಟಾಗುತ್ತದೆ. ಸುಪ್ರೀಂ ಕೋರ್ಟ್ ಮತ್ತು ಕೇಂದ್ರ ಸರ್ಕಾರವು ಡೀಮ್ಡ್ ಫಾರೆಸ್ಟ್ ವರ್ಗೀಕರಣದ ಬಗ್ಗೆ ಸೂಚನೆ ನೀಡಿದ ಆದೇಶದಂತೆ ಈ ಪ್ರಕ್ರಿಯೆಯನ್ನು
ತ್ವರಿತಗೊಳಿಸಲು ಸೂಚನೆ ನೀಡಿದ್ದು, ಗ್ರಾಮವಾರು ಮತ್ತು ತಾಲ್ಲೂಕು ಮಟ್ಟದಲ್ಲಿ ಹೊಸ ಸಮೀಕ್ಷೆ ನಡೆಸಲು ಜಿಲ್ಲಾಧಿಕಾರಿ ಜಿ.ಎಂ.ಗಂಗಾಧರಸ್ವಾಮಿ ಸೂಚಿಸಿದರು. ಅರಣ್ಯ ಇಲಾಖೆ ಅಂಕಿ ಅಂಶಗಳನ್ವಯ ಜಿಲ್ಲೆಯಲ್ಲಿ 2017.37 ಹೆಕ್ಟೇರ್ ಪ್ರದೇಶವು ಅರಣ್ಯ ಪ್ರದೇಶವೆಂದು ಗುರುತಿಸಲಾಗಿದೆ. ಇದರಲ್ಲಿ ಜಗಳೂರು, ಚನ್ನಗಿರಿ, ಹರಿಹರ, ಹೊನ್ನಾಳಿ, ನ್ಯಾಮತಿ ತಾಲ್ಲೂಕುಗಳಲ್ಲಿ ಅರಣ್ಯ ಪ್ರದೇಶವಿದೆ. ಸಭೆಯಲ್ಲಿ ಉಪ ಅರಣ್ಯ ಸಂರಕ್ಷಣಾಧಿಕಾರಿ ಶಶಿಧರ್, ಪ್ರಭಾರ ಡಿಡಿಎಲ್‌ಆರ್ ಕಣ್ಣಾರು ಅರಣ್ಯ ಇಲಾಖೆ ಅಧಿಕಾರಿಗಳು ಉಪಸ್ಥಿತರಿದ್ದರು.
